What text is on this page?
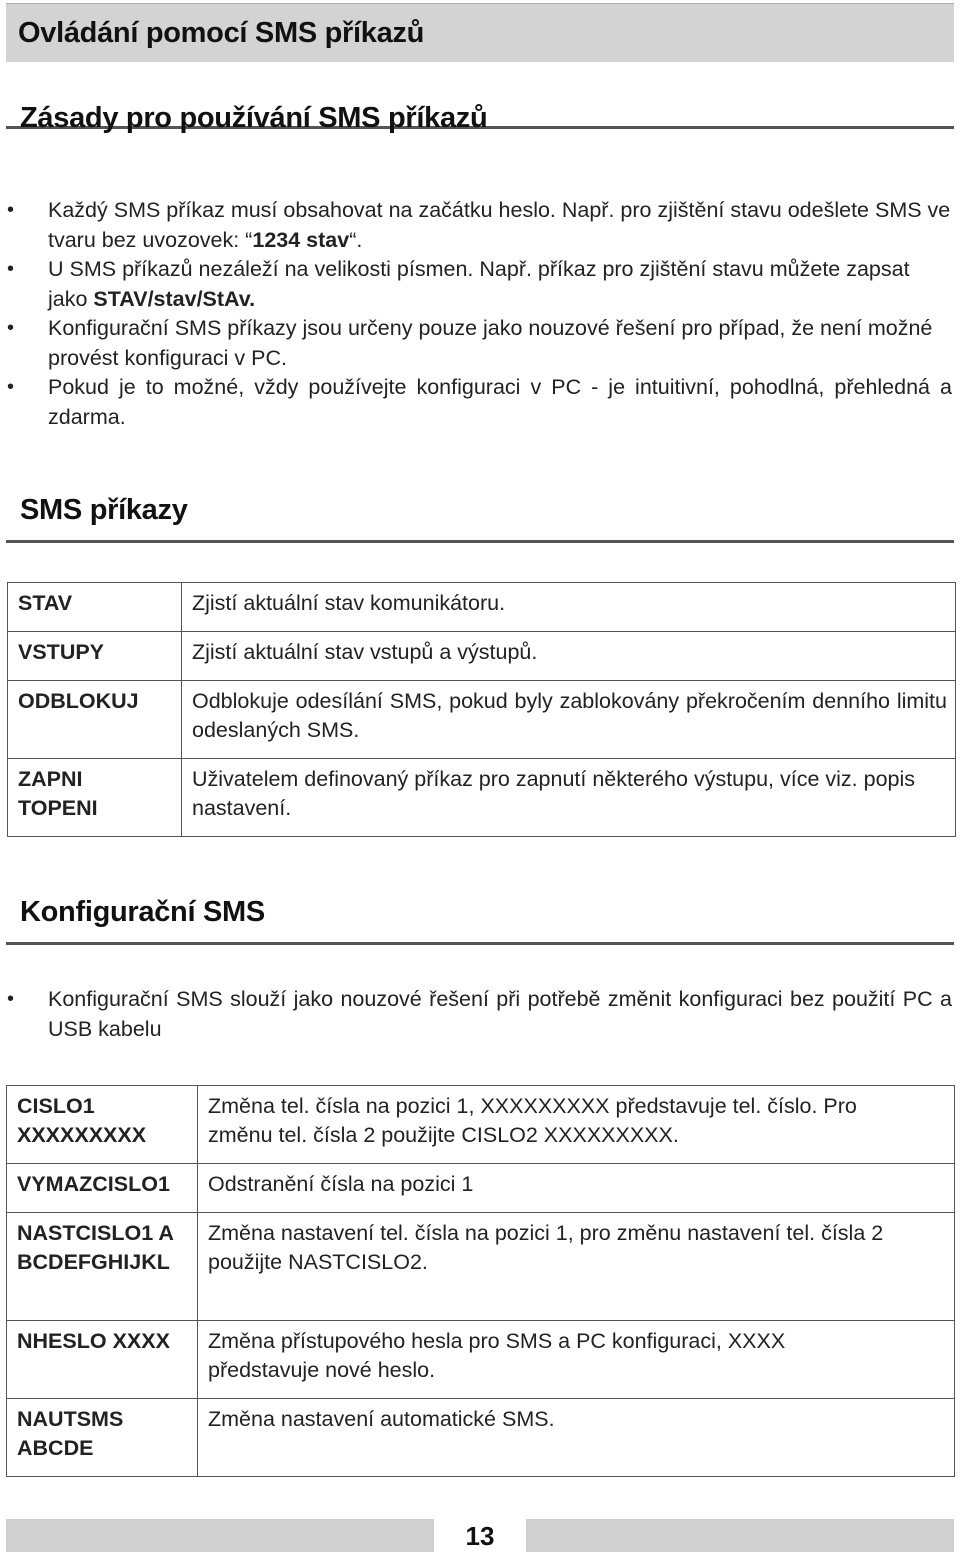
Ovládání pomocí SMS příkazů
Zásady pro používání SMS příkazů
• Každý SMS příkaz musí obsahovat na začátku heslo. Např. pro zjištění stavu odešlete SMS ve tvaru bez uvozovek: “1234 stav“.
• U SMS příkazů nezáleží na velikosti písmen. Např. příkaz pro zjištění stavu můžete zapsat jako STAV/stav/StAv.
• Konfigurační SMS příkazy jsou určeny pouze jako nouzové řešení pro případ, že není možné provést konfiguraci v PC.
• Pokud je to možné, vždy používejte konfiguraci v PC - je intuitivní, pohodlná, přehledná a zdarma.
SMS příkazy
STAV	Zjistí aktuální stav komunikátoru.
VSTUPY	Zjistí aktuální stav vstupů a výstupů.
ODBLOKUJ	Odblokuje odesílání SMS, pokud byly zablokovány překročením denního limitu odeslaných SMS.
ZAPNI TOPENI	Uživatelem definovaný příkaz pro zapnutí některého výstupu, více viz. popis nastavení.
Konfigurační SMS
• Konfigurační SMS slouží jako nouzové řešení při potřebě změnit konfiguraci bez použití PC a USB kabelu
CISLO1 XXXXXXXXX	Změna tel. čísla na pozici 1, XXXXXXXXX představuje tel. číslo. Pro změnu tel. čísla 2 použijte CISLO2 XXXXXXXXX.
VYMAZCISLO1	Odstranění čísla na pozici 1
NASTCISLO1 ABCDEFGHIJKL	Změna nastavení tel. čísla na pozici 1, pro změnu nastavení tel. čísla 2 použijte NASTCISLO2.
NHESLO XXXX	Změna přístupového hesla pro SMS a PC konfiguraci, XXXX představuje nové heslo.
NAUTSMS ABCDE	Změna nastavení automatické SMS.
13
